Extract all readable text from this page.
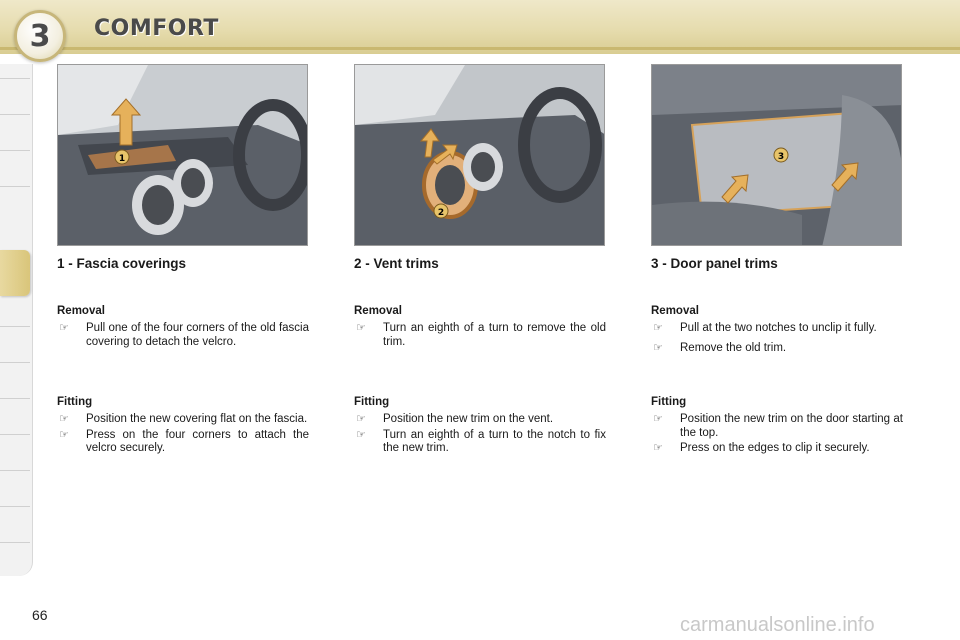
3 COMFORT
1
2
3
1 - Fascia coverings

Removal

☞ Pull one of the four corners of the old fascia covering to detach the velcro.

Fitting

☞ Position the new covering flat on the fascia.
☞ Press on the four corners to attach the velcro securely.
2 - Vent trims

Removal

☞ Turn an eighth of a turn to remove the old trim.

Fitting

☞ Position the new trim on the vent.
☞ Turn an eighth of a turn to the notch to fix the new trim.
3 - Door panel trims

Removal

☞ Pull at the two notches to unclip it fully.
☞ Remove the old trim.

Fitting

☞ Position the new trim on the door starting at the top.
☞ Press on the edges to clip it securely.
66	carmanualsonline.info
